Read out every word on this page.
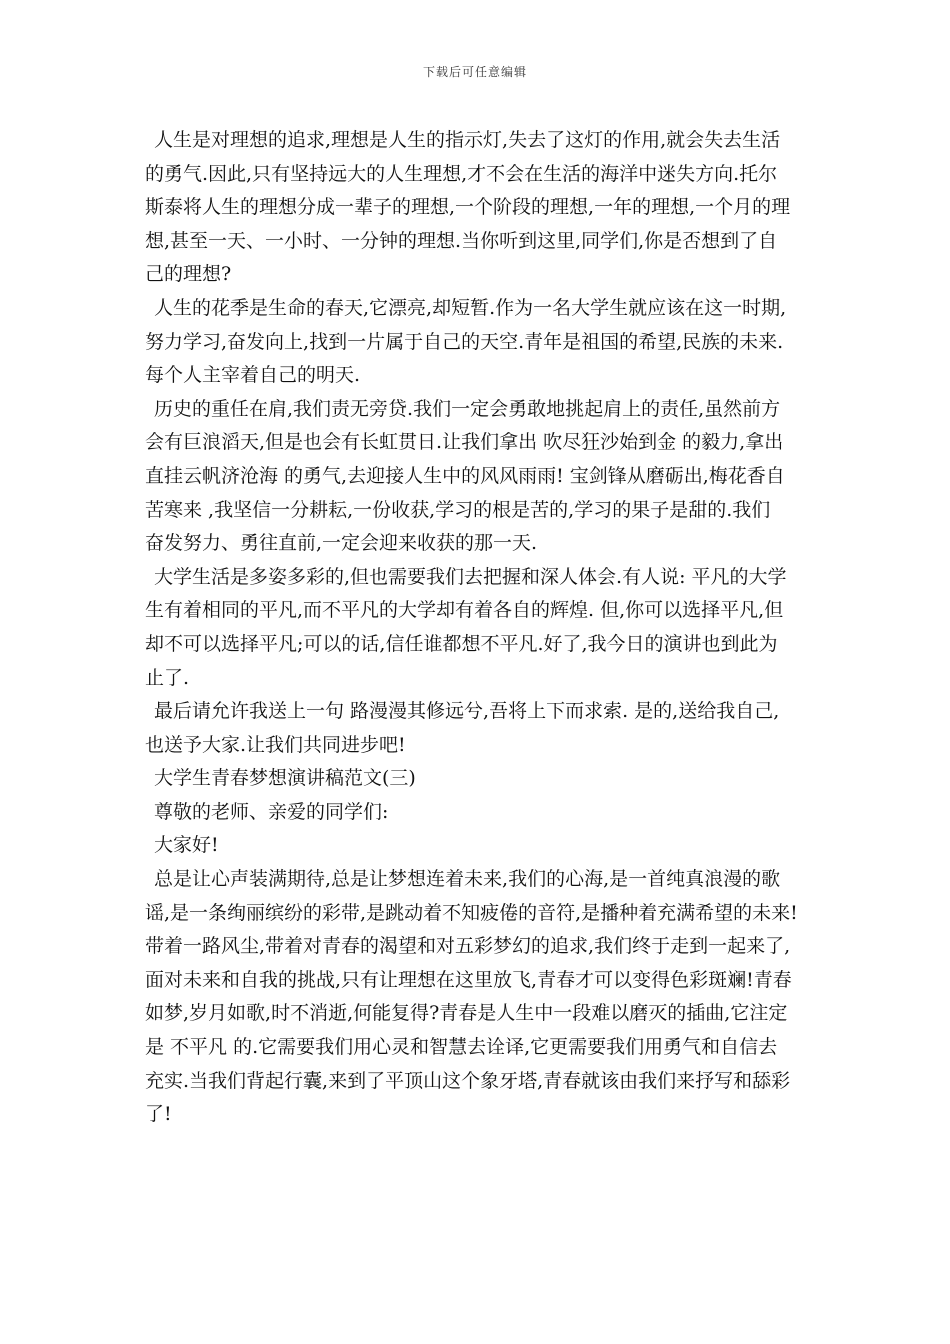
下载后可任意编辑
人生是对理想的追求,理想是人生的指示灯,失去了这灯的作用,就会失去生活
的勇气.因此,只有坚持远大的人生理想,才不会在生活的海洋中迷失方向.托尔
斯泰将人生的理想分成一辈子的理想,一个阶段的理想,一年的理想,一个月的理
想,甚至一天、一小时、一分钟的理想.当你听到这里,同学们,你是否想到了自
己的理想?
人生的花季是生命的春天,它漂亮,却短暂.作为一名大学生就应该在这一时期,
努力学习,奋发向上,找到一片属于自己的天空.青年是祖国的希望,民族的未来.
每个人主宰着自己的明天.
历史的重任在肩,我们责无旁贷.我们一定会勇敢地挑起肩上的责任,虽然前方
会有巨浪滔天,但是也会有长虹贯日.让我们拿出 吹尽狂沙始到金 的毅力,拿出
直挂云帆济沧海 的勇气,去迎接人生中的风风雨雨! 宝剑锋从磨砺出,梅花香自
苦寒来 ,我坚信一分耕耘,一份收获,学习的根是苦的,学习的果子是甜的.我们
奋发努力、勇往直前,一定会迎来收获的那一天.
大学生活是多姿多彩的,但也需要我们去把握和深人体会.有人说: 平凡的大学
生有着相同的平凡,而不平凡的大学却有着各自的辉煌. 但,你可以选择平凡,但
却不可以选择平凡;可以的话,信任谁都想不平凡.好了,我今日的演讲也到此为
止了.
最后请允许我送上一句 路漫漫其修远兮,吾将上下而求索. 是的,送给我自己,
也送予大家.让我们共同进步吧!
大学生青春梦想演讲稿范文(三)
尊敬的老师、亲爱的同学们:
大家好!
总是让心声装满期待,总是让梦想连着未来,我们的心海,是一首纯真浪漫的歌
谣,是一条绚丽缤纷的彩带,是跳动着不知疲倦的音符,是播种着充满希望的未来!
带着一路风尘,带着对青春的渴望和对五彩梦幻的追求,我们终于走到一起来了,
面对未来和自我的挑战,只有让理想在这里放飞,青春才可以变得色彩斑斓!青春
如梦,岁月如歌,时不消逝,何能复得?青春是人生中一段难以磨灭的插曲,它注定
是 不平凡 的.它需要我们用心灵和智慧去诠译,它更需要我们用勇气和自信去
充实.当我们背起行囊,来到了平顶山这个象牙塔,青春就该由我们来抒写和舔彩
了!
